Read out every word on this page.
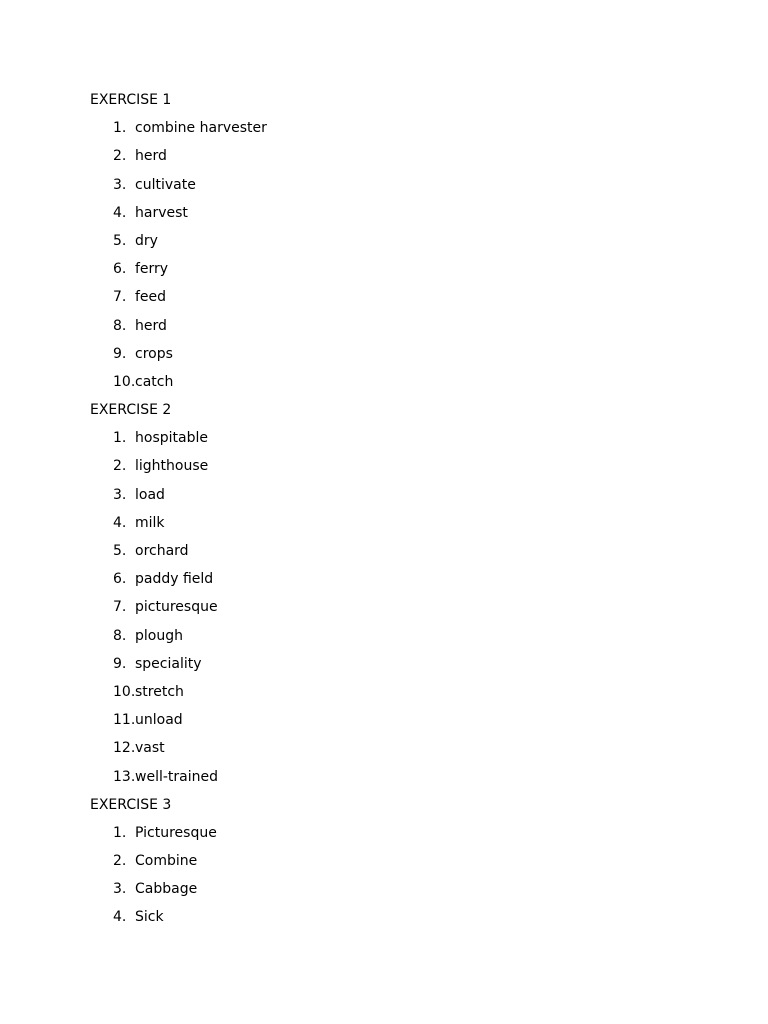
EXERCISE 1
1. combine harvester
2. herd
3. cultivate
4. harvest
5. dry
6. ferry
7. feed
8. herd
9. crops
10. catch
EXERCISE 2
1. hospitable
2. lighthouse
3. load
4. milk
5. orchard
6. paddy field
7. picturesque
8. plough
9. speciality
10. stretch
11. unload
12. vast
13. well-trained
EXERCISE 3
1. Picturesque
2. Combine
3. Cabbage
4. Sick
